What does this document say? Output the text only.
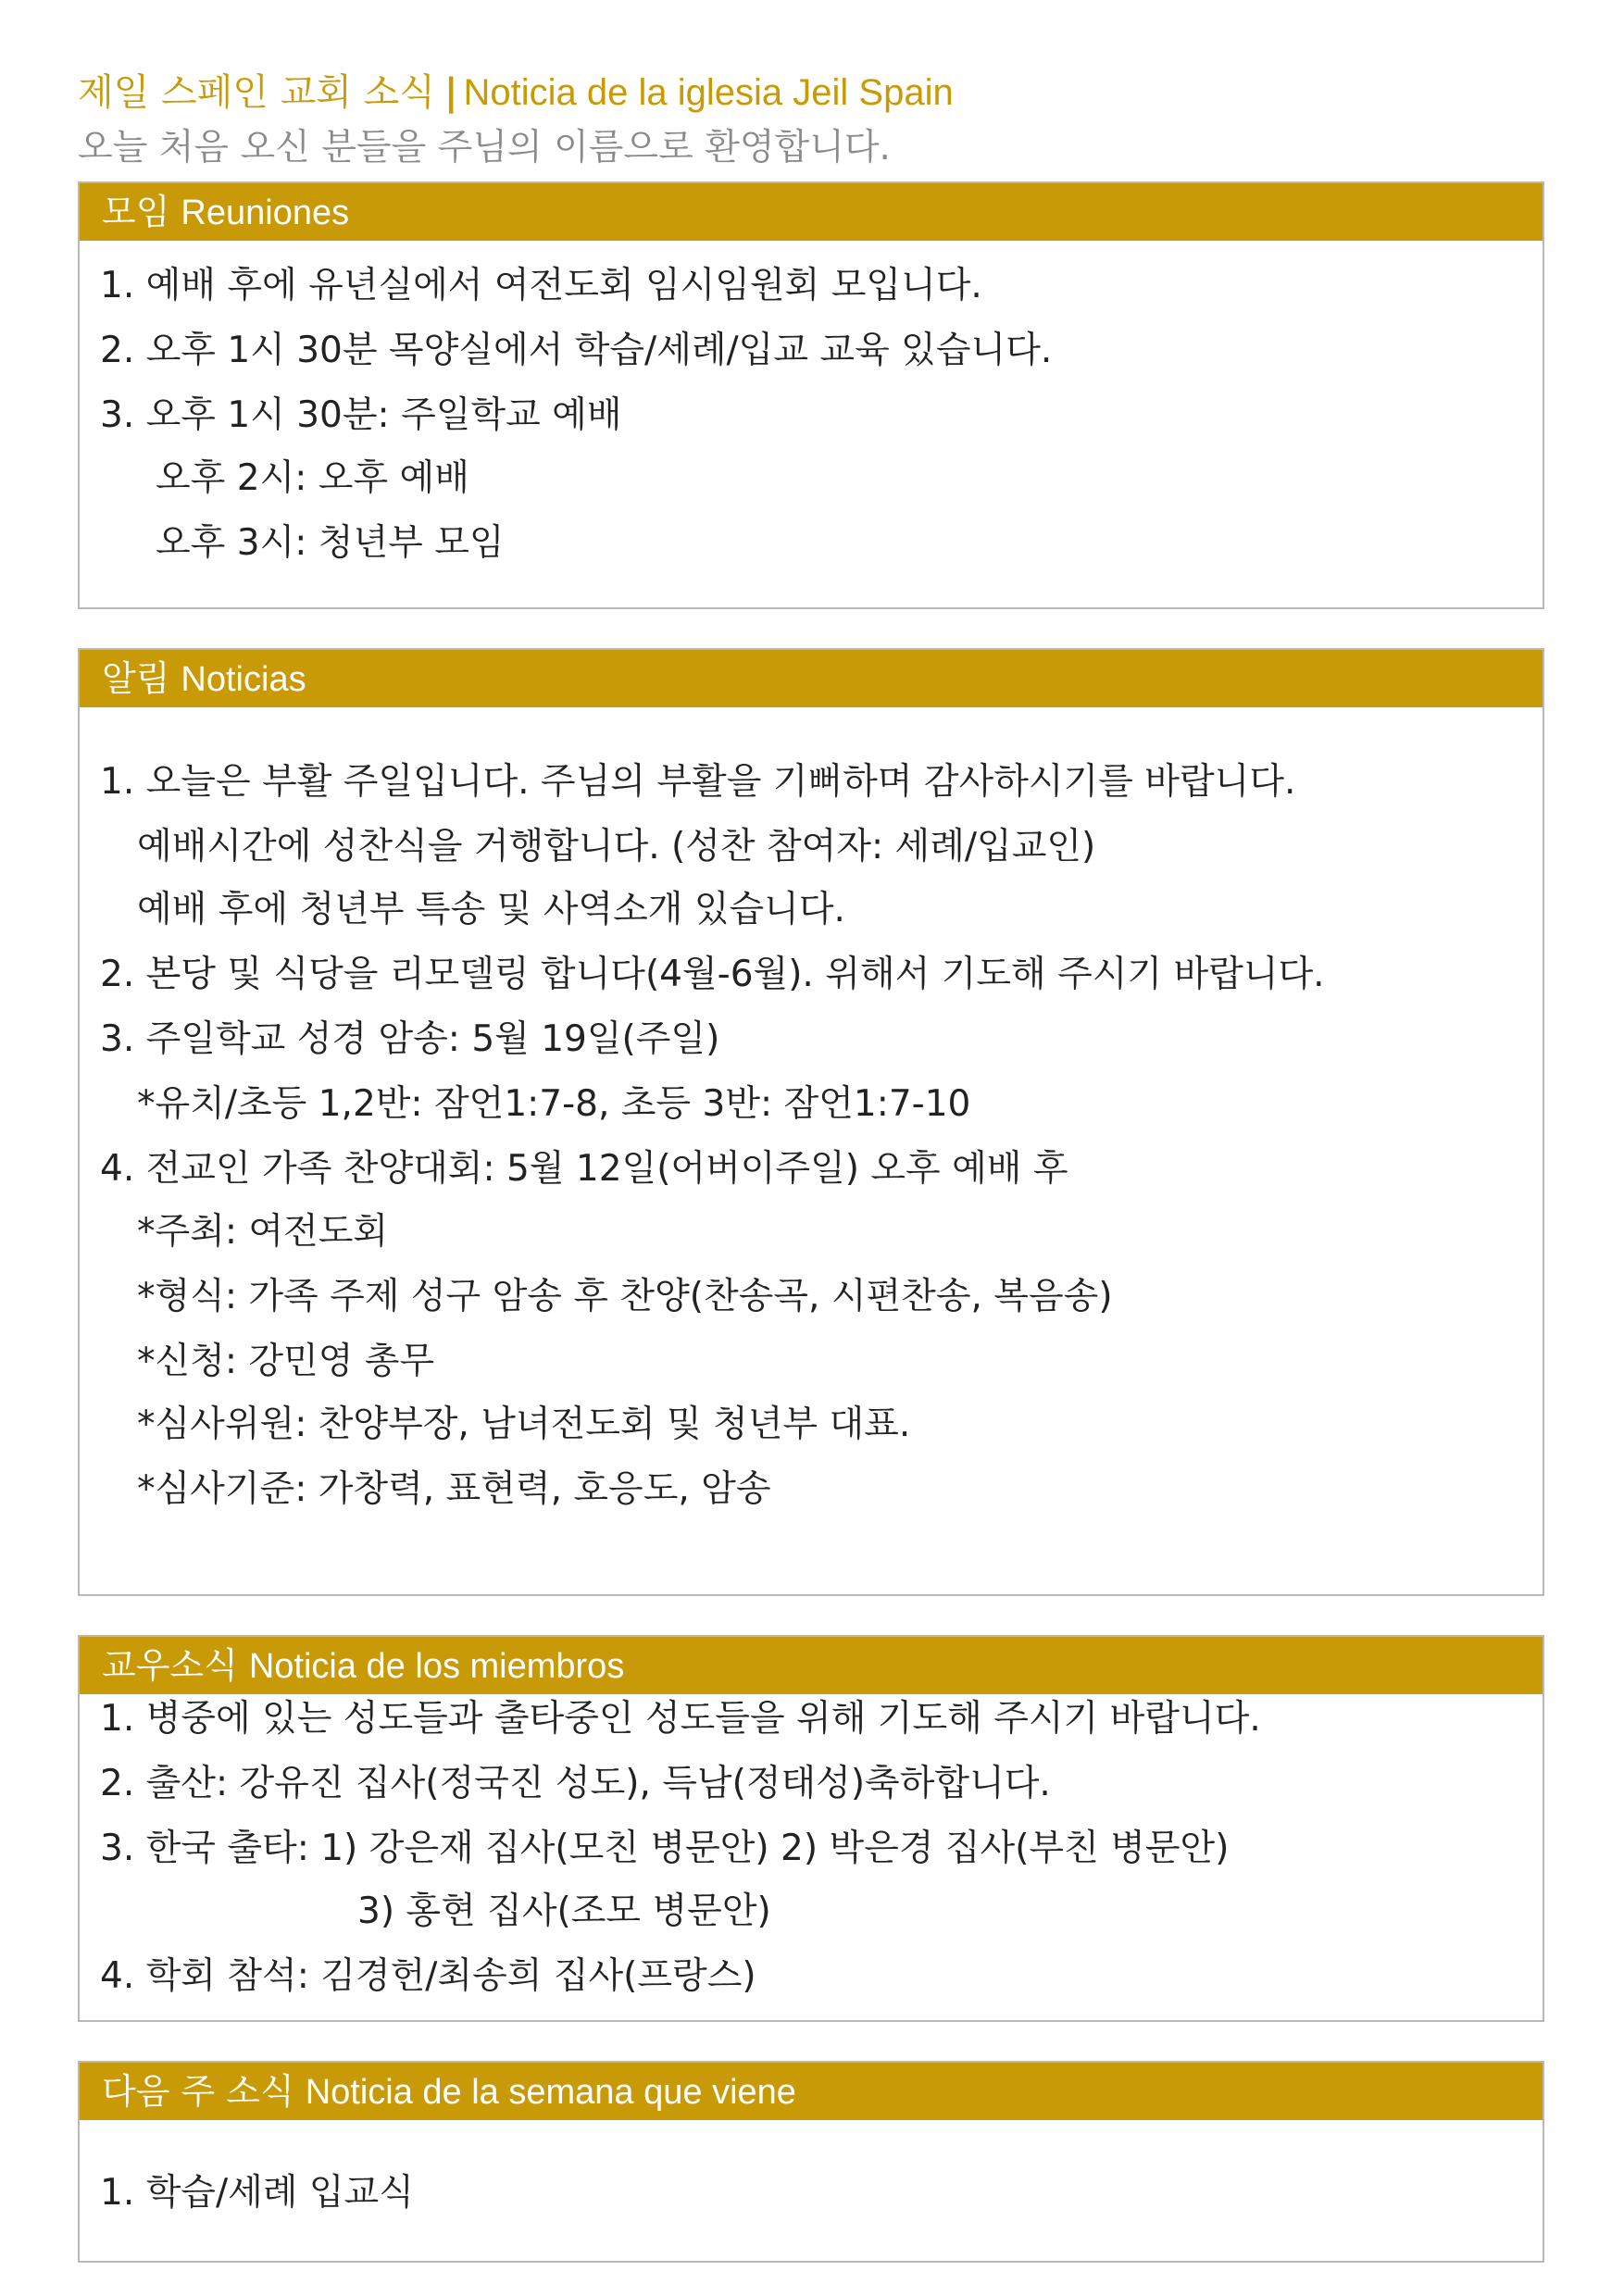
제일 스페인 교회 소식 | Noticia de la iglesia Jeil Spain
오늘 처음 오신 분들을 주님의 이름으로 환영합니다.
모임 Reuniones
1. 예배 후에 유년실에서 여전도회 임시임원회 모입니다.
2. 오후 1시 30분 목양실에서 학습/세례/입교 교육 있습니다.
3. 오후 1시 30분: 주일학교 예배
오후 2시: 오후 예배
오후 3시: 청년부 모임
알림 Noticias
1. 오늘은 부활 주일입니다. 주님의 부활을 기뻐하며 감사하시기를 바랍니다.
예배시간에 성찬식을 거행합니다. (성찬 참여자: 세례/입교인)
예배 후에 청년부 특송 및 사역소개 있습니다.
2. 본당 및 식당을 리모델링 합니다(4월-6월). 위해서 기도해 주시기 바랍니다.
3. 주일학교 성경 암송: 5월 19일(주일)
*유치/초등 1,2반: 잠언1:7-8, 초등 3반: 잠언1:7-10
4. 전교인 가족 찬양대회: 5월 12일(어버이주일) 오후 예배 후
*주최: 여전도회
*형식: 가족 주제 성구 암송 후 찬양(찬송곡, 시편찬송, 복음송)
*신청: 강민영 총무
*심사위원: 찬양부장, 남녀전도회 및 청년부 대표.
*심사기준: 가창력, 표현력, 호응도, 암송
교우소식 Noticia de los miembros
1. 병중에 있는 성도들과 출타중인 성도들을 위해 기도해 주시기 바랍니다.
2. 출산: 강유진 집사(정국진 성도), 득남(정태성)축하합니다.
3. 한국 출타: 1) 강은재 집사(모친 병문안) 2) 박은경 집사(부친 병문안)
3) 홍현 집사(조모 병문안)
4. 학회 참석: 김경헌/최송희 집사(프랑스)
다음 주 소식 Noticia de la semana que viene
1. 학습/세례 입교식
